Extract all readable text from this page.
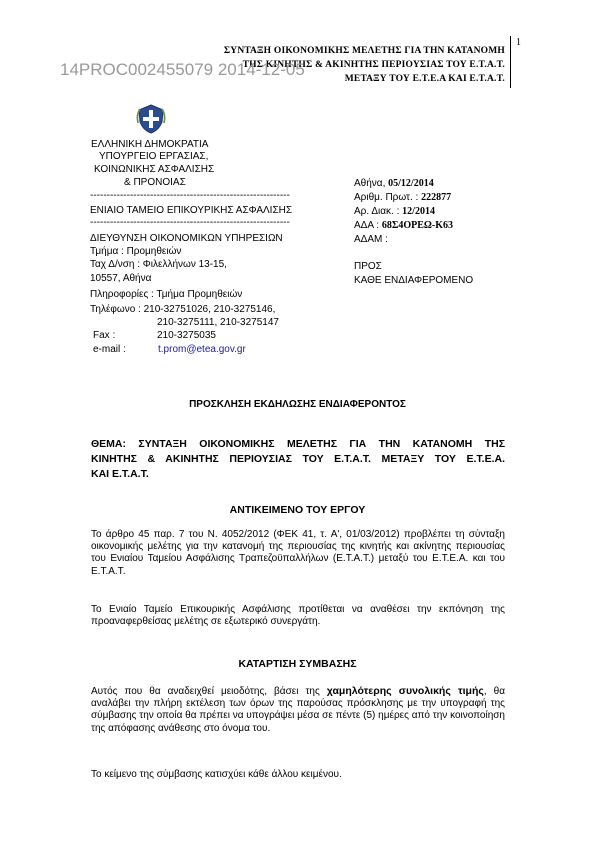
1
ΣΥΝΤΑΞΗ ΟΙΚΟΝΟΜΙΚΗΣ ΜΕΛΕΤΗΣ ΓΙΑ ΤΗΝ ΚΑΤΑΝΟΜΗ
ΤΗΣ ΚΙΝΗΤΗΣ & ΑΚΙΝΗΤΗΣ ΠΕΡΙΟΥΣΙΑΣ ΤΟΥ Ε.Τ.Α.Τ.
ΜΕΤΑΞΥ ΤΟΥ Ε.Τ.Ε.Α ΚΑΙ Ε.Τ.Α.Τ.
14PROC002455079 2014-12-05
ΕΛΛΗΝΙΚΗ ΔΗΜΟΚΡΑΤΙΑ
ΥΠΟΥΡΓΕΙΟ ΕΡΓΑΣΙΑΣ,
ΚΟΙΝΩΝΙΚΗΣ ΑΣΦΑΛΙΣΗΣ
& ΠΡΟΝΟΙΑΣ
------------------------------------------------------------
ΕΝΙΑΙΟ ΤΑΜΕΙΟ ΕΠΙΚΟΥΡΙΚΗΣ ΑΣΦΑΛΙΣΗΣ
------------------------------------------------------------
ΔΙΕΥΘΥΝΣΗ ΟΙΚΟΝΟΜΙΚΩΝ ΥΠΗΡΕΣΙΩΝ
Τμήμα : Προμηθειών
Ταχ Δ/νση : Φιλελλήνων 13-15,
10557, Αθήνα
Πληροφορίες : Τμήμα Προμηθειών
Τηλέφωνο : 210-32751026, 210-3275146,
210-3275111, 210-3275147
Fax :	210-3275035
e-mail :	t.prom@etea.gov.gr
Αθήνα, 05/12/2014
Αριθμ. Πρωτ. : 222877
Αρ. Διακ. : 12/2014
ΑΔΑ : 68Σ4ΟΡΕΩ-Κ63
ΑΔΑΜ :
ΠΡΟΣ
ΚΑΘΕ ΕΝΔΙΑΦΕΡΟΜΕΝΟ
ΠΡΟΣΚΛΗΣΗ ΕΚΔΗΛΩΣΗΣ ΕΝΔΙΑΦΕΡΟΝΤΟΣ
ΘΕΜΑ: ΣΥΝΤΑΞΗ ΟΙΚΟΝΟΜΙΚΗΣ ΜΕΛΕΤΗΣ ΓΙΑ ΤΗΝ ΚΑΤΑΝΟΜΗ ΤΗΣ
ΚΙΝΗΤΗΣ & ΑΚΙΝΗΤΗΣ ΠΕΡΙΟΥΣΙΑΣ ΤΟΥ Ε.Τ.Α.Τ. ΜΕΤΑΞΥ ΤΟΥ Ε.Τ.Ε.Α.
ΚΑΙ Ε.Τ.Α.Τ.
ΑΝΤΙΚΕΙΜΕΝΟ ΤΟΥ ΕΡΓΟΥ
Το άρθρο 45 παρ. 7 του Ν. 4052/2012 (ΦΕΚ 41, τ. Α', 01/03/2012) προβλέπει τη σύνταξη οικονομικής μελέτης για την κατανομή της περιουσίας της κινητής και ακίνητης περιουσίας του Ενιαίου Ταμείου Ασφάλισης Τραπεζοϋπαλλήλων (Ε.Τ.Α.Τ.) μεταξύ του Ε.Τ.Ε.Α. και του Ε.Τ.Α.Τ.
Το Ενιαίο Ταμείο Επικουρικής Ασφάλισης προτίθεται να αναθέσει την εκπόνηση της προαναφερθείσας μελέτης σε εξωτερικό συνεργάτη.
ΚΑΤΑΡΤΙΣΗ ΣΥΜΒΑΣΗΣ
Αυτός που θα αναδειχθεί μειοδότης, βάσει της χαμηλότερης συνολικής τιμής, θα αναλάβει την πλήρη εκτέλεση των όρων της παρούσας πρόσκλησης με την υπογραφή της σύμβασης την οποία θα πρέπει να υπογράψει μέσα σε πέντε (5) ημέρες από την κοινοποίηση της απόφασης ανάθεσης στο όνομα του.
Το κείμενο της σύμβασης κατισχύει κάθε άλλου κειμένου.
